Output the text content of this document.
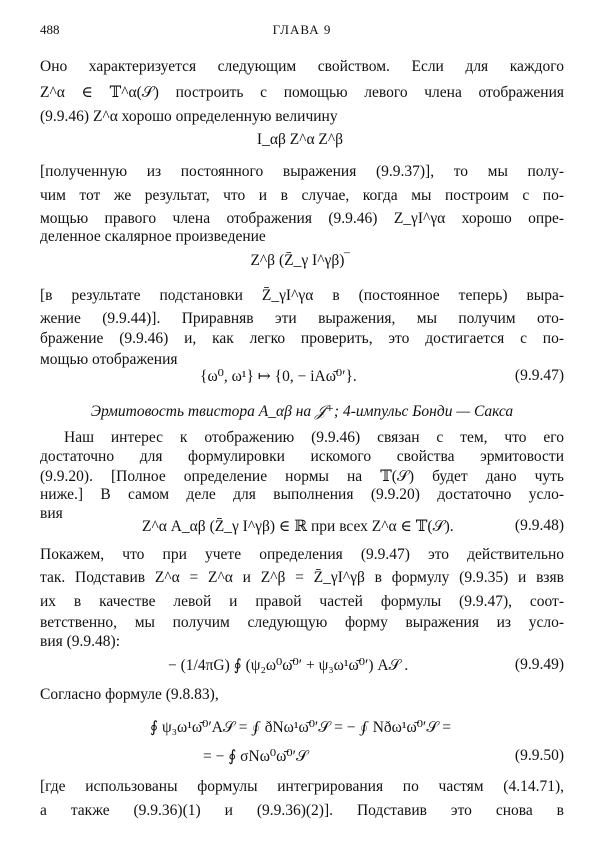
488	ГЛАВА 9
Оно характеризуется следующим свойством. Если для каждого
Z^α ∈ 𝕋^α(𝒮) построить с помощью левого члена отображения
(9.9.46) Z^α хорошо определенную величину
I_αβ Z^α Z^β
[полученную из постоянного выражения (9.9.37)], то мы полу-
чим тот же результат, что и в случае, когда мы построим с по-
мощью правого члена отображения (9.9.46) Z_γI^γα хорошо опре-
деленное скалярное произведение
Z^β (Z̄_γ I^γβ)‾
[в результате подстановки Z̄_γI^γα в (постоянное теперь) выра-
жение (9.9.44)]. Приравняв эти выражения, мы получим ото-
бражениe (9.9.46) и, как легко проверить, это достигается с по-
мощью отображения
{ω⁰, ω¹} ↦ {0, − iAω̄⁰′}.	(9.9.47)
Эрмитовость твистора A_αβ на 𝒥⁺; 4-импульс Бонди — Сакса
Наш интерес к отображению (9.9.46) связан с тем, что его
достаточно для формулировки искомого свойства эрмитовости
(9.9.20). [Полное определение нормы на 𝕋(𝒮) будет дано чуть
ниже.] В самом деле для выполнения (9.9.20) достаточно усло-
вия
Z^α A_αβ (Z̄_γ I^γβ) ∈ ℝ при всех Z^α ∈ 𝕋(𝒮).	(9.9.48)
Покажем, что при учете определения (9.9.47) это действительно
так. Подставив Z^α = Z^α и Z^β = Z̄_γI^γβ в формулу (9.9.35) и взяв
их в качестве левой и правой частей формулы (9.9.47), соот-
ветственно, мы получим следующую форму выражения из усло-
вия (9.9.48):
− (1/4πG) ∮ (ψ₂ω⁰ω̄⁰′ + ψ₃ω¹ω̄⁰′) A𝒮 .	(9.9.49)
Согласно формуле (9.8.83),
∮ ψ₃ω¹ω̄⁰′A𝒮 = ∮ ðNω¹ω̄⁰′𝒮 = − ∮ Nðω¹ω̄⁰′𝒮 =
= − ∮ σNω⁰ω̄⁰′𝒮	(9.9.50)
[где использованы формулы интегрирования по частям (4.14.71),
а также (9.9.36)(1) и (9.9.36)(2)]. Подставив это снова в
